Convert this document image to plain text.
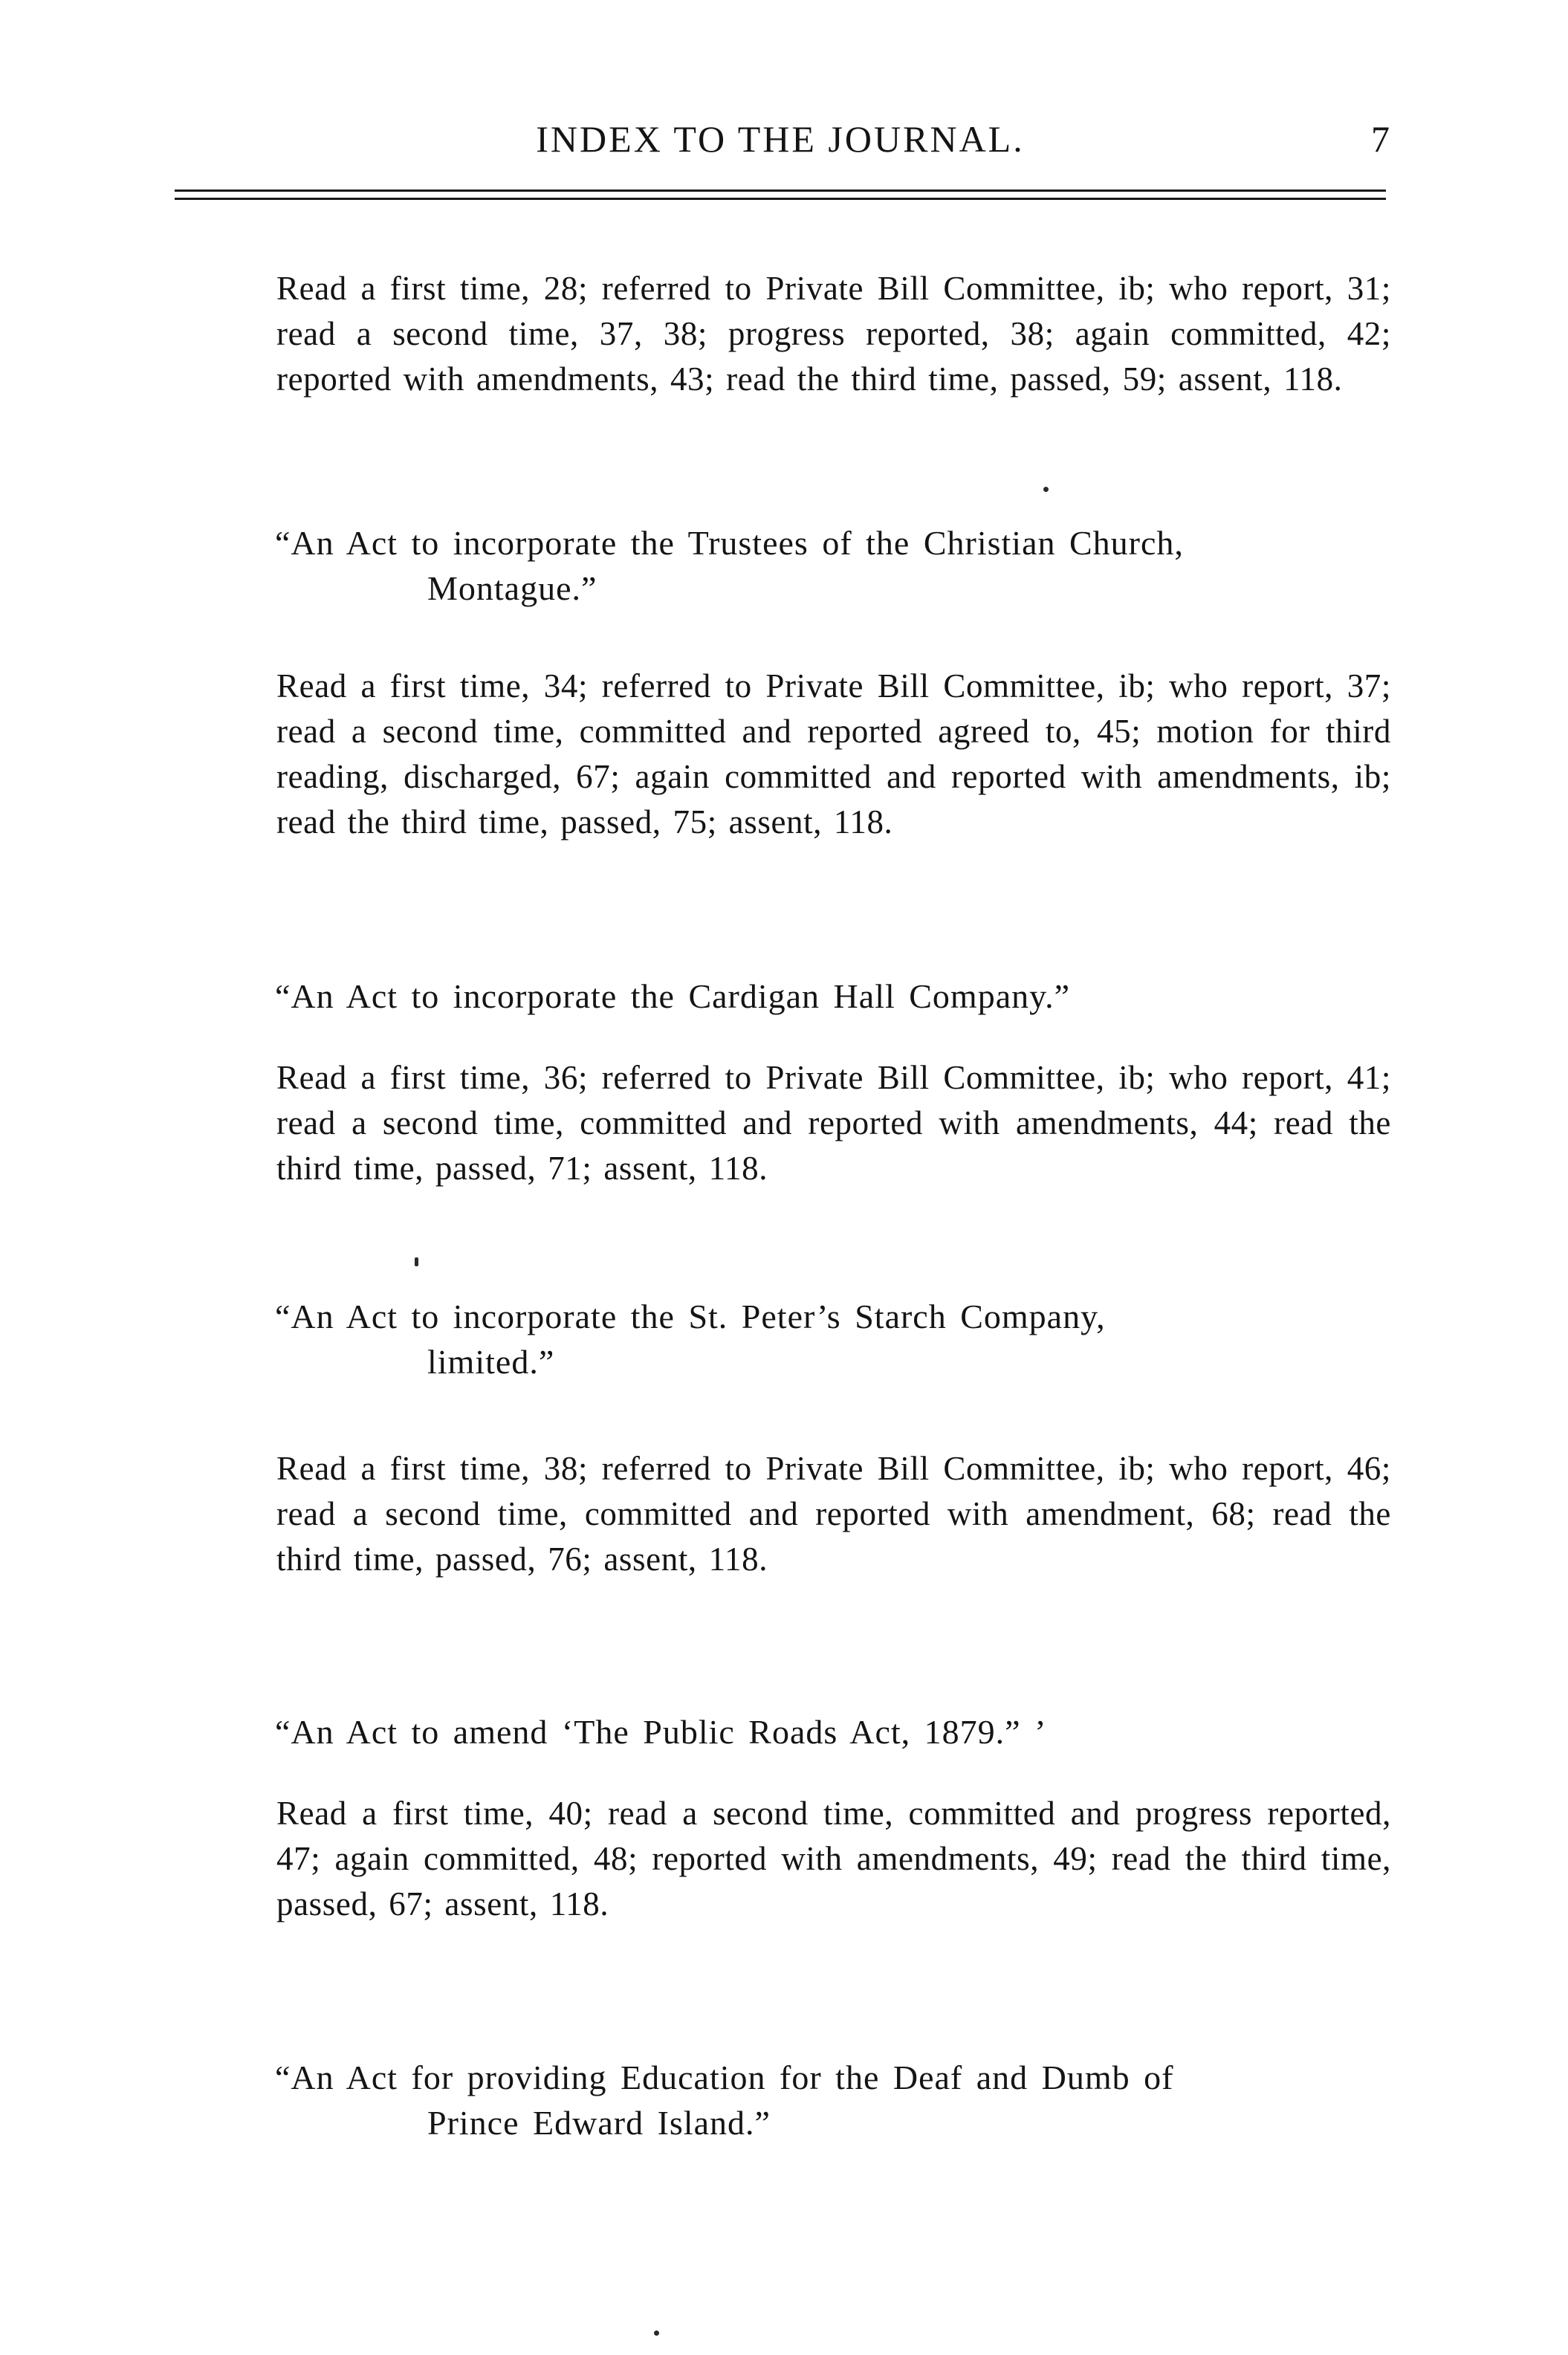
INDEX TO THE JOURNAL.	7
Read a first time, 28; referred to Private Bill Committee, ib; who report, 31; read a second time, 37, 38; progress reported, 38; again committed, 42; reported with amendments, 43; read the third time, passed, 59; assent, 118.
“An Act to incorporate the Trustees of the Christian Church,
Montague.”
Read a first time, 34; referred to Private Bill Committee, ib; who report, 37; read a second time, committed and reported agreed to, 45; motion for third reading, discharged, 67; again committed and reported with amendments, ib; read the third time, passed, 75; assent, 118.
“An Act to incorporate the Cardigan Hall Company.”
Read a first time, 36; referred to Private Bill Committee, ib; who report, 41; read a second time, committed and reported with amendments, 44; read the third time, passed, 71; assent, 118.
“An Act to incorporate the St. Peter’s Starch Company,
limited.”
Read a first time, 38; referred to Private Bill Committee, ib; who report, 46; read a second time, committed and reported with amendment, 68; read the third time, passed, 76; assent, 118.
“An Act to amend ‘The Public Roads Act, 1879.” ’
Read a first time, 40; read a second time, committed and progress reported, 47; again committed, 48; reported with amendments, 49; read the third time, passed, 67; assent, 118.
“An Act for providing Education for the Deaf and Dumb of
Prince Edward Island.”
